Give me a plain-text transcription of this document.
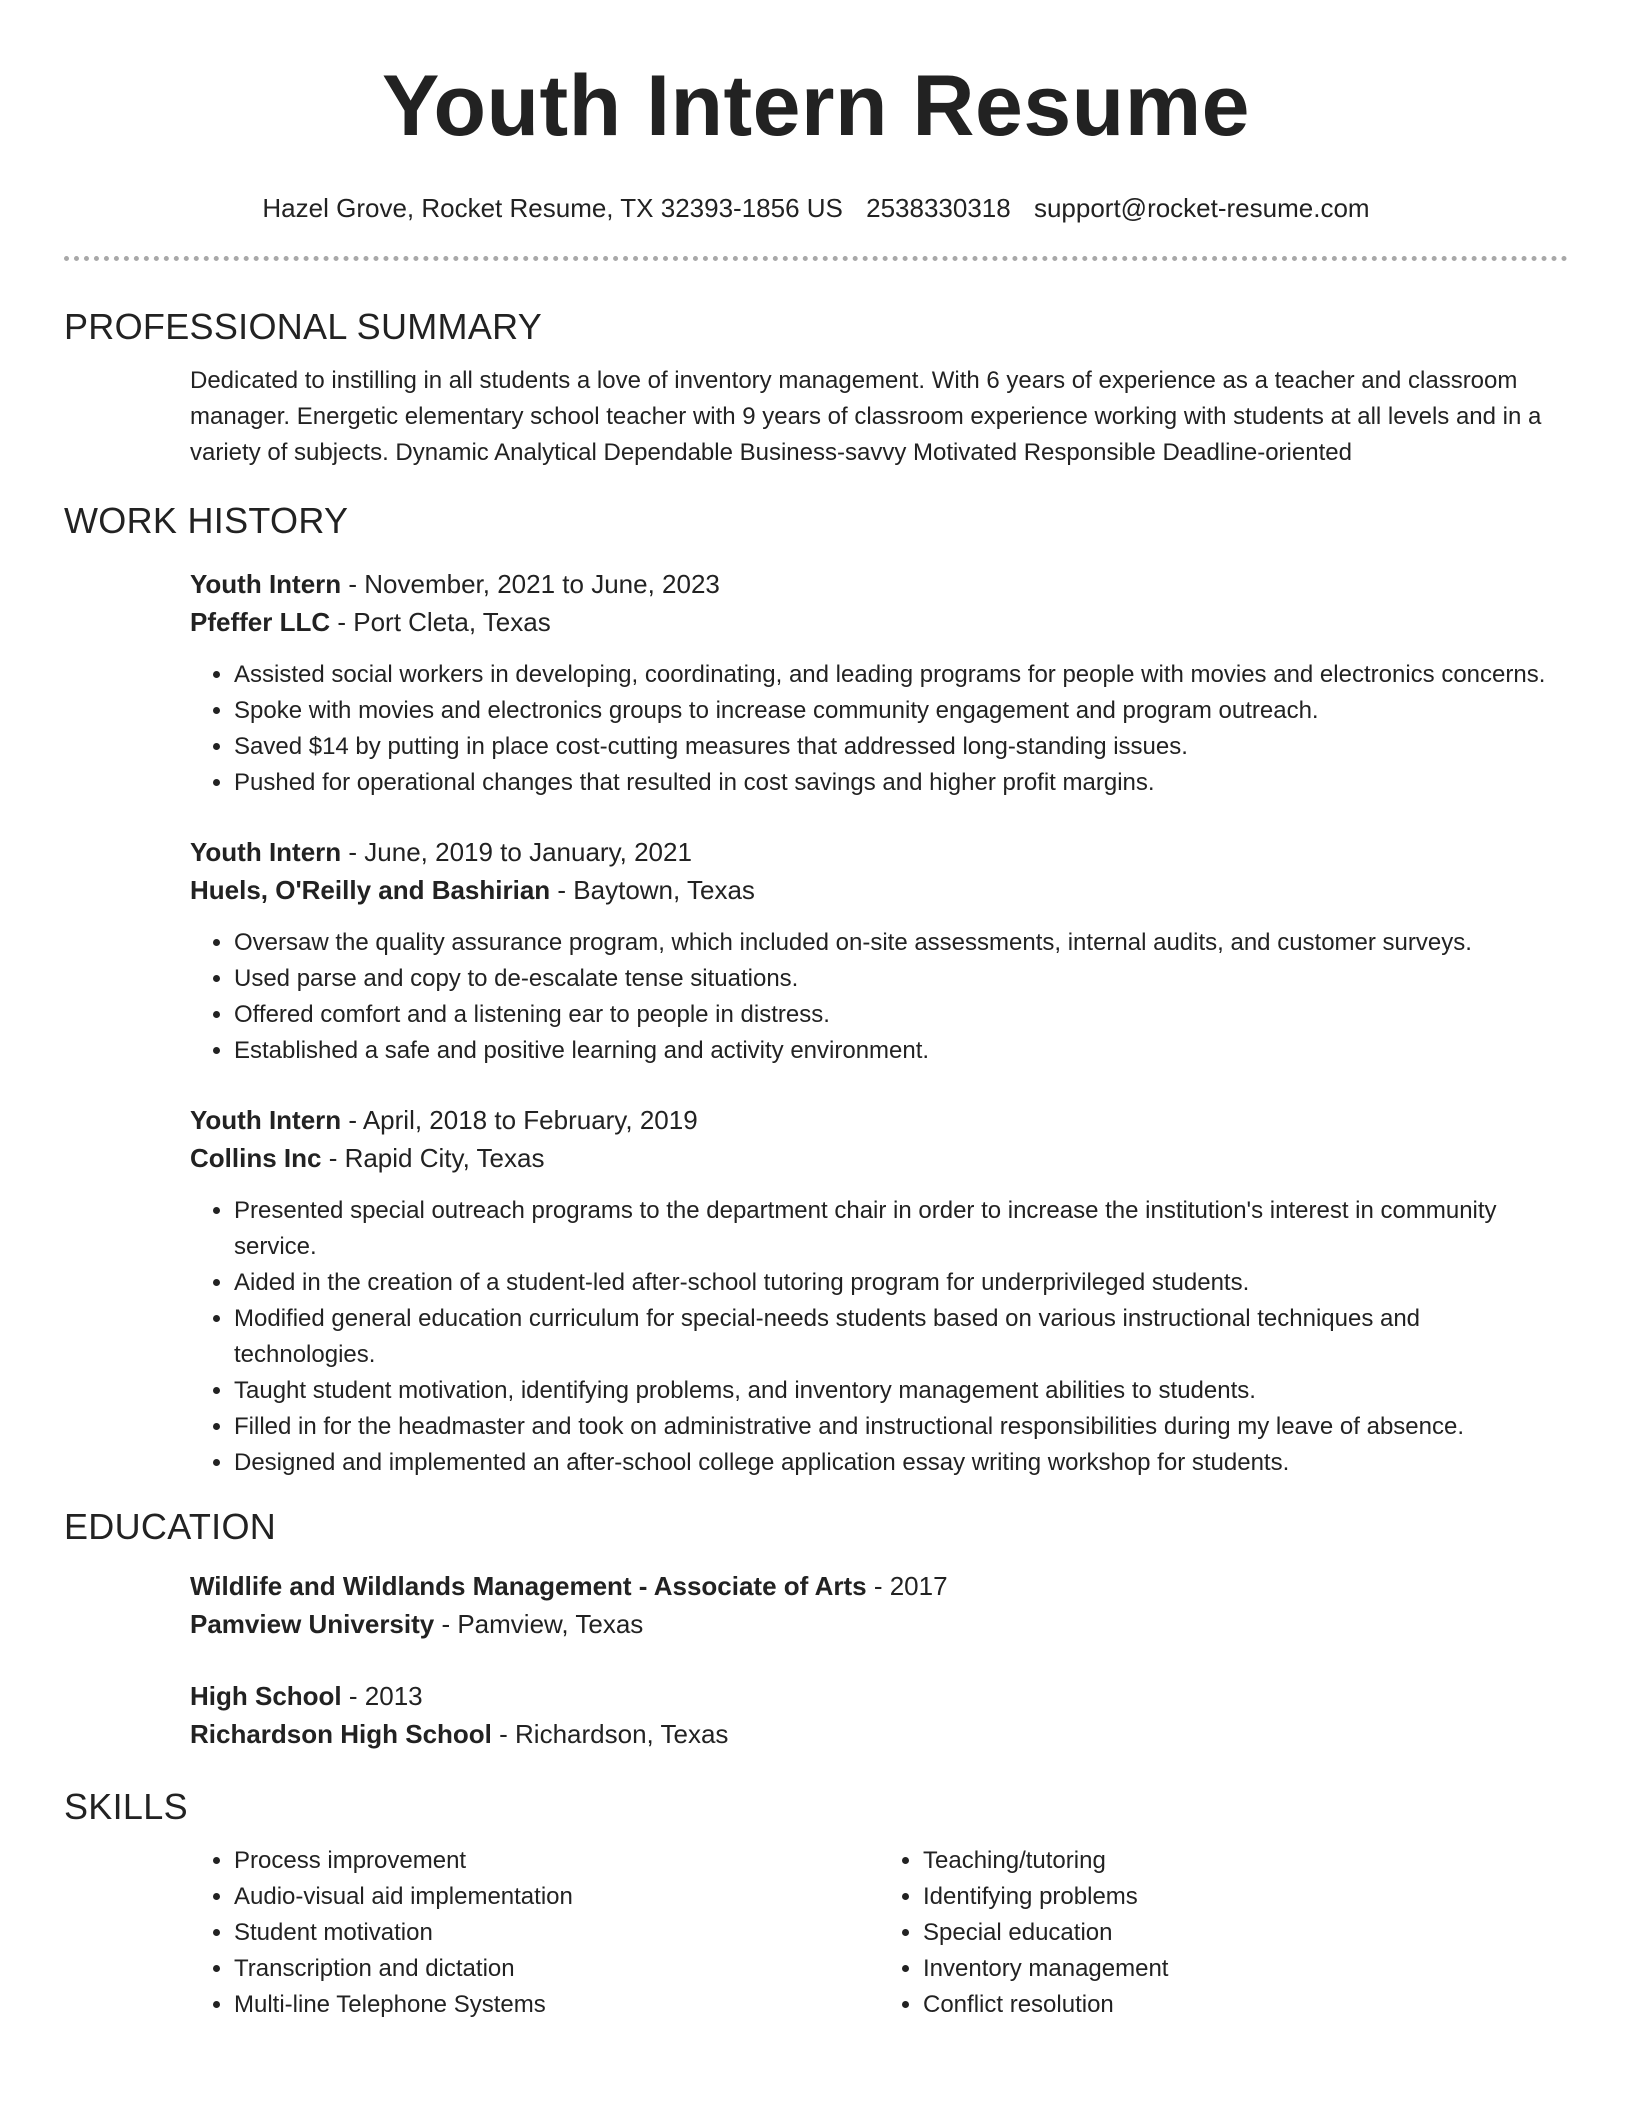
Youth Intern Resume
Hazel Grove, Rocket Resume, TX 32393-1856 US 2538330318 support@rocket-resume.com
PROFESSIONAL SUMMARY

Dedicated to instilling in all students a love of inventory management. With 6 years of experience as a teacher and classroom manager. Energetic elementary school teacher with 9 years of classroom experience working with students at all levels and in a variety of subjects. Dynamic Analytical Dependable Business-savvy Motivated Responsible Deadline-oriented

WORK HISTORY

Youth Intern - November, 2021 to June, 2023

Pfeffer LLC - Port Cleta, Texas

• Assisted social workers in developing, coordinating, and leading programs for people with movies and electronics concerns.
• Spoke with movies and electronics groups to increase community engagement and program outreach.
• Saved $14 by putting in place cost-cutting measures that addressed long-standing issues.
• Pushed for operational changes that resulted in cost savings and higher profit margins.

Youth Intern - June, 2019 to January, 2021

Huels, O'Reilly and Bashirian - Baytown, Texas

• Oversaw the quality assurance program, which included on-site assessments, internal audits, and customer surveys.
• Used parse and copy to de-escalate tense situations.
• Offered comfort and a listening ear to people in distress.
• Established a safe and positive learning and activity environment.

Youth Intern - April, 2018 to February, 2019

Collins Inc - Rapid City, Texas

• Presented special outreach programs to the department chair in order to increase the institution's interest in community service.
• Aided in the creation of a student-led after-school tutoring program for underprivileged students.
• Modified general education curriculum for special-needs students based on various instructional techniques and technologies.
• Taught student motivation, identifying problems, and inventory management abilities to students.
• Filled in for the headmaster and took on administrative and instructional responsibilities during my leave of absence.
• Designed and implemented an after-school college application essay writing workshop for students.
EDUCATION

Wildlife and Wildlands Management - Associate of Arts - 2017

Pamview University - Pamview, Texas

High School - 2013

Richardson High School - Richardson, Texas

SKILLS
• Process improvement
• Audio-visual aid implementation
• Student motivation
• Transcription and dictation
• Multi-line Telephone Systems
• Teaching/tutoring
• Identifying problems
• Special education
• Inventory management
• Conflict resolution
